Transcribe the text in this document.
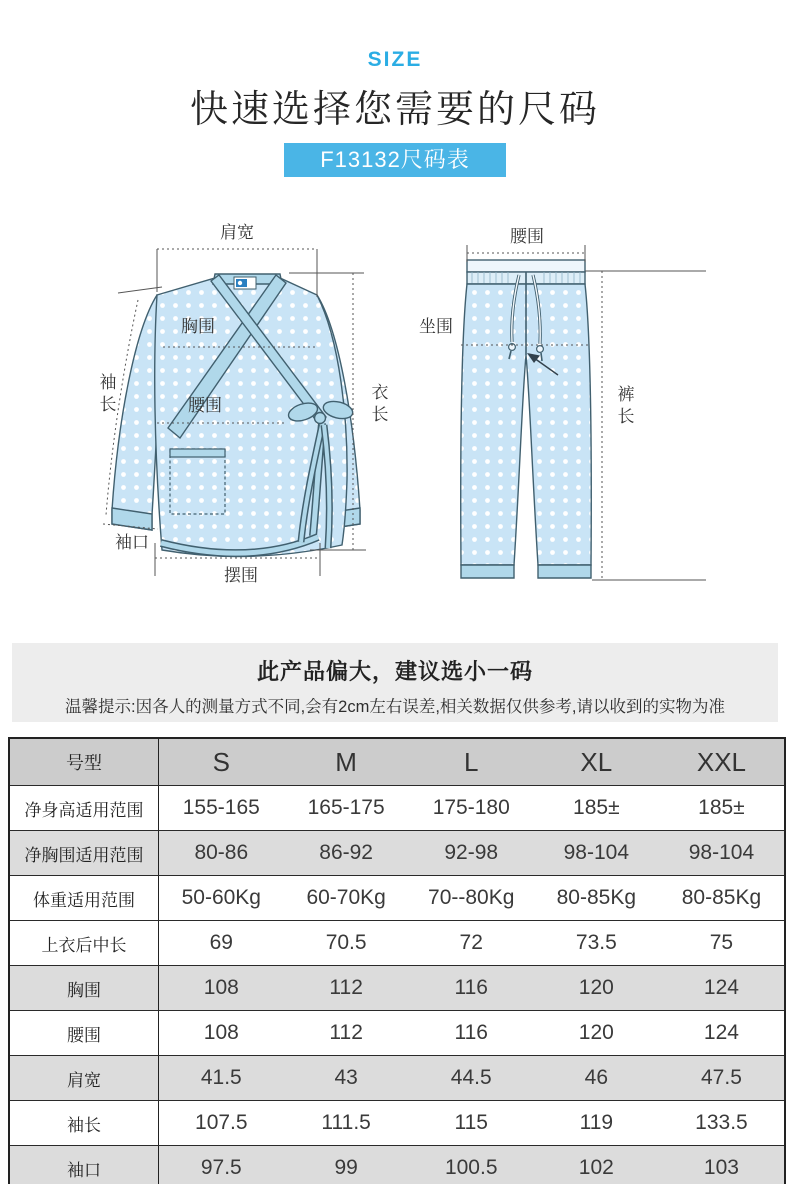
SIZE
快速选择您需要的尺码
F13132尺码表
肩宽
胸围
袖长	腰围
衣长
袖口
摆围
腰围
坐围
裤长
此产品偏大，建议选小一码
温馨提示:因各人的测量方式不同,会有2cm左右误差,相关数据仅供参考,请以收到的实物为准
号型	S	M	L	XL	XXL
净身高适用范围	155-165	165-175	175-180	185±	185±
净胸围适用范围	80-86	86-92	92-98	98-104	98-104
体重适用范围	50-60Kg	60-70Kg	70--80Kg	80-85Kg	80-85Kg
上衣后中长	69	70.5	72	73.5	75
胸围	108	112	116	120	124
腰围	108	112	116	120	124
肩宽	41.5	43	44.5	46	47.5
袖长	107.5	111.5	115	119	133.5
袖口	97.5	99	100.5	102	103
